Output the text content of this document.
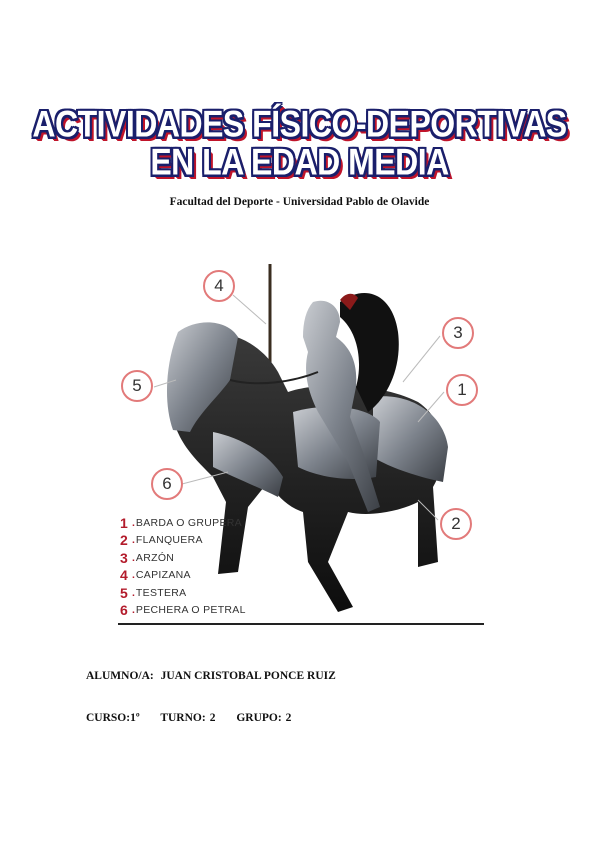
ACTIVIDADES FÍSICO-DEPORTIVAS
EN LA EDAD MEDIA
Facultad del Deporte - Universidad Pablo de Olavide
4
3
5	1
6
2
1 . BARDA O GRUPERA
2 . FLANQUERA
3 . ARZÓN
4 . CAPIZANA
5 . TESTERA
6 . PECHERA O PETRAL
ALUMNO/A: JUAN CRISTOBAL PONCE RUIZ
CURSO:1º TURNO: 2 GRUPO: 2
